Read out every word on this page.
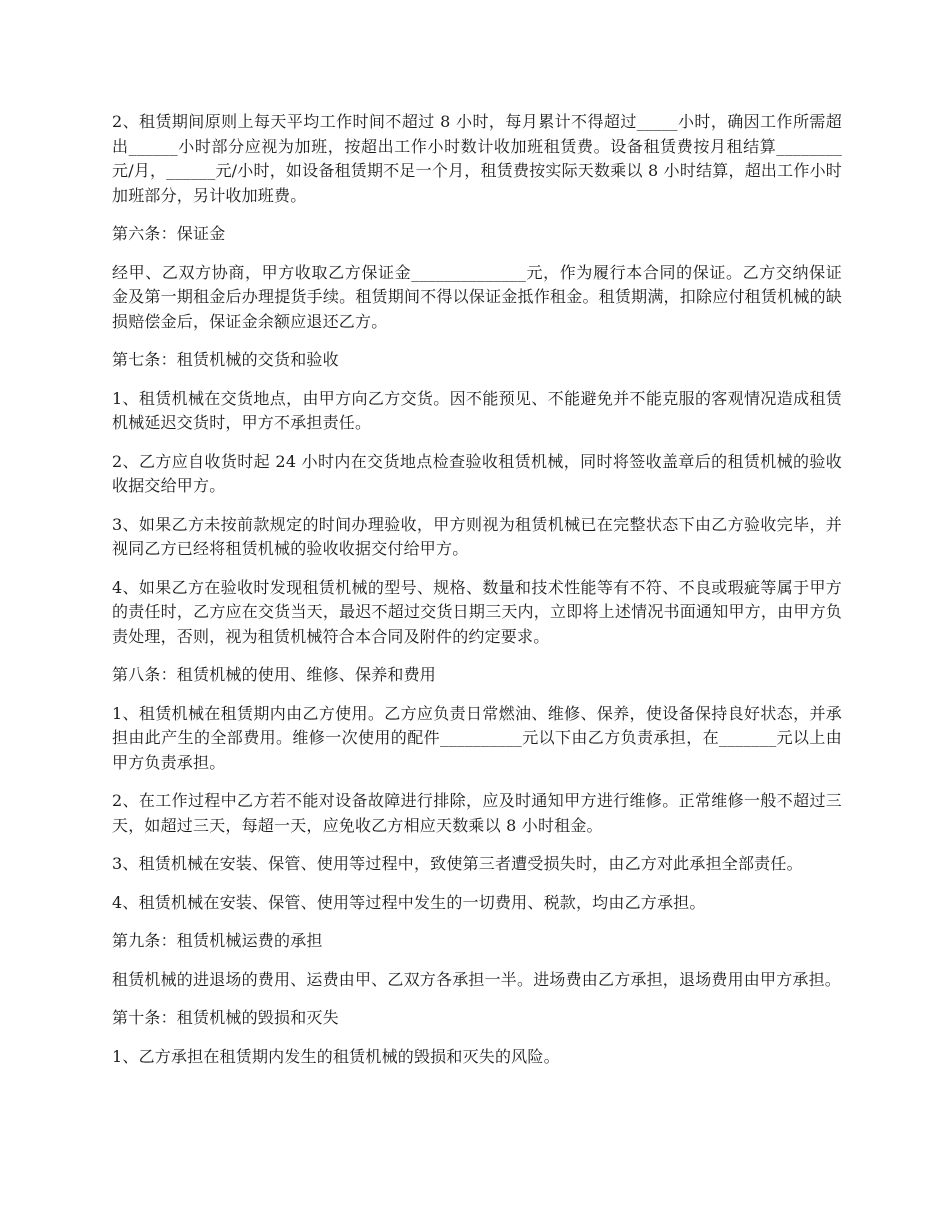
2、租赁期间原则上每天平均工作时间不超过 8 小时，每月累计不得超过_____小时，确因工作所需超出______小时部分应视为加班，按超出工作小时数计收加班租赁费。设备租赁费按月租结算________元/月，______元/小时，如设备租赁期不足一个月，租赁费按实际天数乘以 8 小时结算，超出工作小时加班部分，另计收加班费。

第六条：保证金

经甲、乙双方协商，甲方收取乙方保证金______________元，作为履行本合同的保证。乙方交纳保证金及第一期租金后办理提货手续。租赁期间不得以保证金抵作租金。租赁期满，扣除应付租赁机械的缺损赔偿金后，保证金余额应退还乙方。

第七条：租赁机械的交货和验收

1、租赁机械在交货地点，由甲方向乙方交货。因不能预见、不能避免并不能克服的客观情况造成租赁机械延迟交货时，甲方不承担责任。

2、乙方应自收货时起 24 小时内在交货地点检查验收租赁机械，同时将签收盖章后的租赁机械的验收收据交给甲方。

3、如果乙方未按前款规定的时间办理验收，甲方则视为租赁机械已在完整状态下由乙方验收完毕，并视同乙方已经将租赁机械的验收收据交付给甲方。

4、如果乙方在验收时发现租赁机械的型号、规格、数量和技术性能等有不符、不良或瑕疵等属于甲方的责任时，乙方应在交货当天，最迟不超过交货日期三天内，立即将上述情况书面通知甲方，由甲方负责处理，否则，视为租赁机械符合本合同及附件的约定要求。

第八条：租赁机械的使用、维修、保养和费用

1、租赁机械在租赁期内由乙方使用。乙方应负责日常燃油、维修、保养，使设备保持良好状态，并承担由此产生的全部费用。维修一次使用的配件__________元以下由乙方负责承担，在_______元以上由甲方负责承担。

2、在工作过程中乙方若不能对设备故障进行排除，应及时通知甲方进行维修。正常维修一般不超过三天，如超过三天，每超一天，应免收乙方相应天数乘以 8 小时租金。

3、租赁机械在安装、保管、使用等过程中，致使第三者遭受损失时，由乙方对此承担全部责任。

4、租赁机械在安装、保管、使用等过程中发生的一切费用、税款，均由乙方承担。

第九条：租赁机械运费的承担

租赁机械的进退场的费用、运费由甲、乙双方各承担一半。进场费由乙方承担，退场费用由甲方承担。

第十条：租赁机械的毁损和灭失

1、乙方承担在租赁期内发生的租赁机械的毁损和灭失的风险。
